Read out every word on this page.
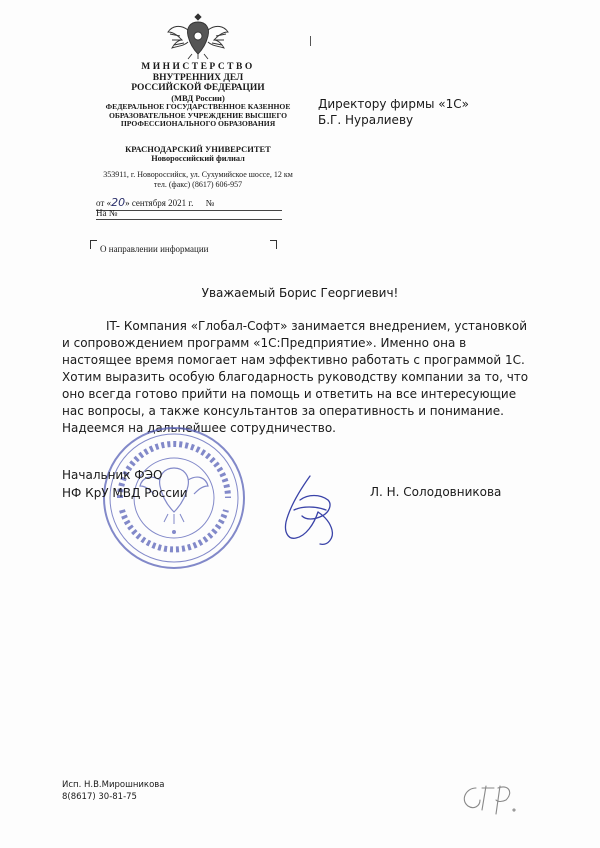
МИНИСТЕРСТВО
ВНУТРЕННИХ ДЕЛ
РОССИЙСКОЙ ФЕДЕРАЦИИ
(МВД России)
ФЕДЕРАЛЬНОЕ ГОСУДАРСТВЕННОЕ КАЗЕННОЕ
ОБРАЗОВАТЕЛЬНОЕ УЧРЕЖДЕНИЕ ВЫСШЕГО
ПРОФЕССИОНАЛЬНОГО ОБРАЗОВАНИЯ
КРАСНОДАРСКИЙ УНИВЕРСИТЕТ
Новороссийский филиал
353911, г. Новороссийск, ул. Сухумийское шоссе, 12 км
тел. (факс) (8617) 606-957
от «20» сентября 2021 г. №
На №
О направлении информации
Директору фирмы «1С»
Б.Г. Нуралиеву
Уважаемый Борис Георгиевич!

IT- Компания «Глобал-Софт» занимается внедрением, установкой и сопровождением программ «1С:Предприятие». Именно она в настоящее время помогает нам эффективно работать с программой 1С. Хотим выразить особую благодарность руководству компании за то, что оно всегда готово прийти на помощь и ответить на все интересующие нас вопросы, а также консультантов за оперативность и понимание. Надеемся на дальнейшее сотрудничество.

Начальник ФЭО
НФ КрУ МВД России	Л. Н. Солодовникова
Исп. Н.В.Мирошникова
8(8617) 30-81-75
